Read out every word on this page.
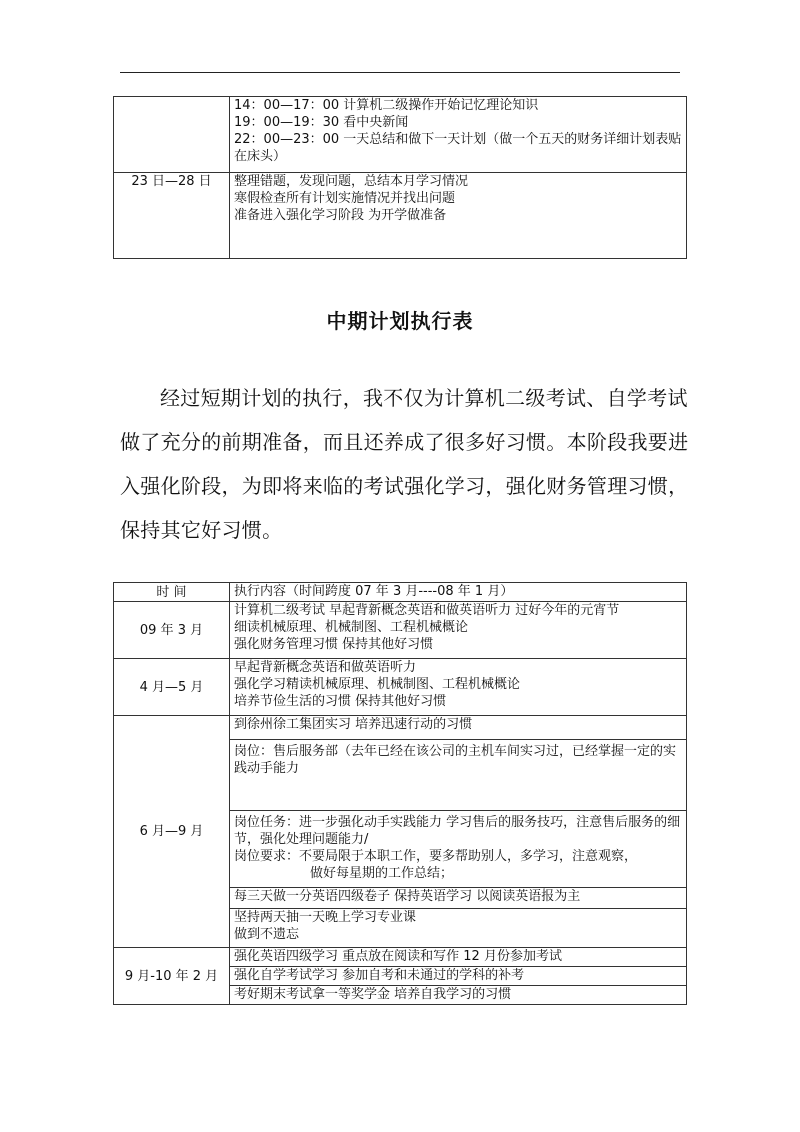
	14：00—17：00 计算机二级操作开始记忆理论知识
19：00—19：30 看中央新闻
22：00—23：00 一天总结和做下一天计划（做一个五天的财务详细计划表贴在床头）

23 日—28 日	整理错题，发现问题，总结本月学习情况
寒假检查所有计划实施情况并找出问题
准备进入强化学习阶段 为开学做准备
中期计划执行表
经过短期计划的执行，我不仅为计算机二级考试、自学考试做了充分的前期准备，而且还养成了很多好习惯。本阶段我要进入强化阶段，为即将来临的考试强化学习，强化财务管理习惯，保持其它好习惯。
时 间	执行内容（时间跨度 07 年 3 月----08 年 1 月）
09 年 3 月	计算机二级考试 早起背新概念英语和做英语听力 过好今年的元宵节
细读机械原理、机械制图、工程机械概论
强化财务管理习惯 保持其他好习惯

4 月—5 月	早起背新概念英语和做英语听力
强化学习精读机械原理、机械制图、工程机械概论
培养节俭生活的习惯 保持其他好习惯

6 月—9 月	到徐州徐工集团实习 培养迅速行动的习惯

	岗位：售后服务部（去年已经在该公司的主机车间实习过，已经掌握一定的实践动手能力

	岗位任务：进一步强化动手实践能力 学习售后的服务技巧，注意售后服务的细节，强化处理问题能力/
岗位要求：不要局限于本职工作，要多帮助别人，多学习，注意观察，
做好每星期的工作总结；

	每三天做一分英语四级卷子 保持英语学习 以阅读英语报为主

	坚持两天抽一天晚上学习专业课
做到不遗忘

9 月-10 年 2 月	强化英语四级学习 重点放在阅读和写作 12 月份参加考试

	强化自学考试学习 参加自考和未通过的学科的补考

	考好期末考试拿一等奖学金 培养自我学习的习惯
